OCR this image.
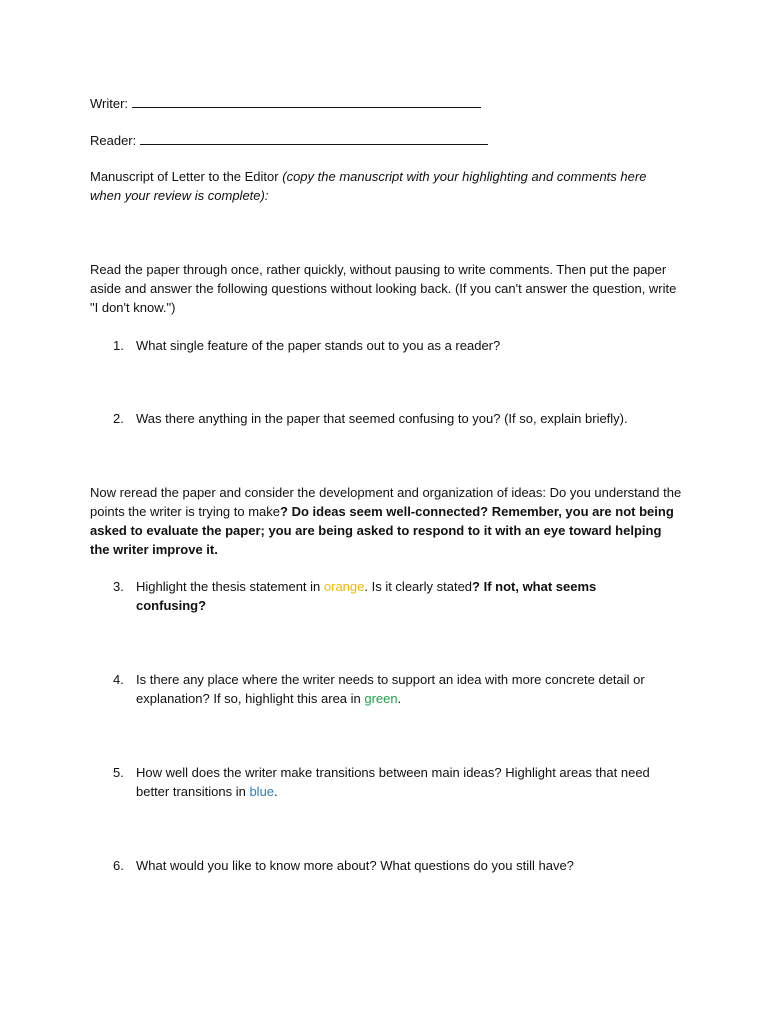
Writer:
Reader:
Manuscript of Letter to the Editor (copy the manuscript with your highlighting and comments here when your review is complete):
Read the paper through once, rather quickly, without pausing to write comments. Then put the paper aside and answer the following questions without looking back. (If you can't answer the question, write "I don't know.")
1. What single feature of the paper stands out to you as a reader?
2. Was there anything in the paper that seemed confusing to you? (If so, explain briefly).
Now reread the paper and consider the development and organization of ideas: Do you understand the points the writer is trying to make? Do ideas seem well-connected? Remember, you are not being asked to evaluate the paper; you are being asked to respond to it with an eye toward helping the writer improve it.
3. Highlight the thesis statement in orange. Is it clearly stated? If not, what seems confusing?
4. Is there any place where the writer needs to support an idea with more concrete detail or explanation? If so, highlight this area in green.
5. How well does the writer make transitions between main ideas? Highlight areas that need better transitions in blue.
6. What would you like to know more about? What questions do you still have?
